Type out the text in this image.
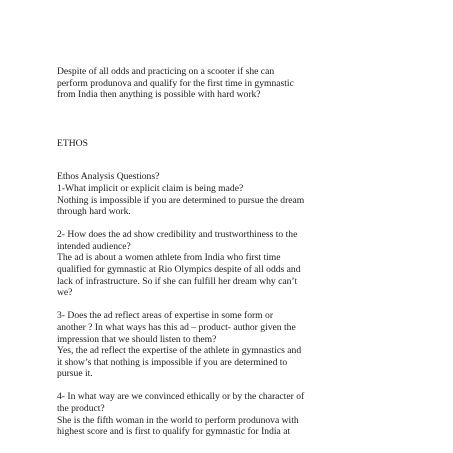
Despite of all odds and practicing on a scooter if she can
perform produnova and qualify for the first time in gymnastic
from India then anything is possible with hard work?
ETHOS
Ethos Analysis Questions?
1-What implicit or explicit claim is being made?
Nothing is impossible if you are determined to pursue the dream
through hard work.
2- How does the ad show credibility and trustworthiness to the
intended audience?
The ad is about a women athlete from India who first time
qualified for gymnastic at Rio Olympics despite of all odds and
lack of infrastructure. So if she can fulfill her dream why can’t
we?
3- Does the ad reflect areas of expertise in some form or
another ? In what ways has this ad – product- author given the
impression that we should listen to them?
Yes, the ad reflect the expertise of the athlete in gymnastics and
it show’s that nothing is impossible if you are determined to
pursue it.
4- In what way are we convinced ethically or by the character of
the product?
She is the fifth woman in the world to perform produnova with
highest score and is first to qualify for gymnastic for India at
